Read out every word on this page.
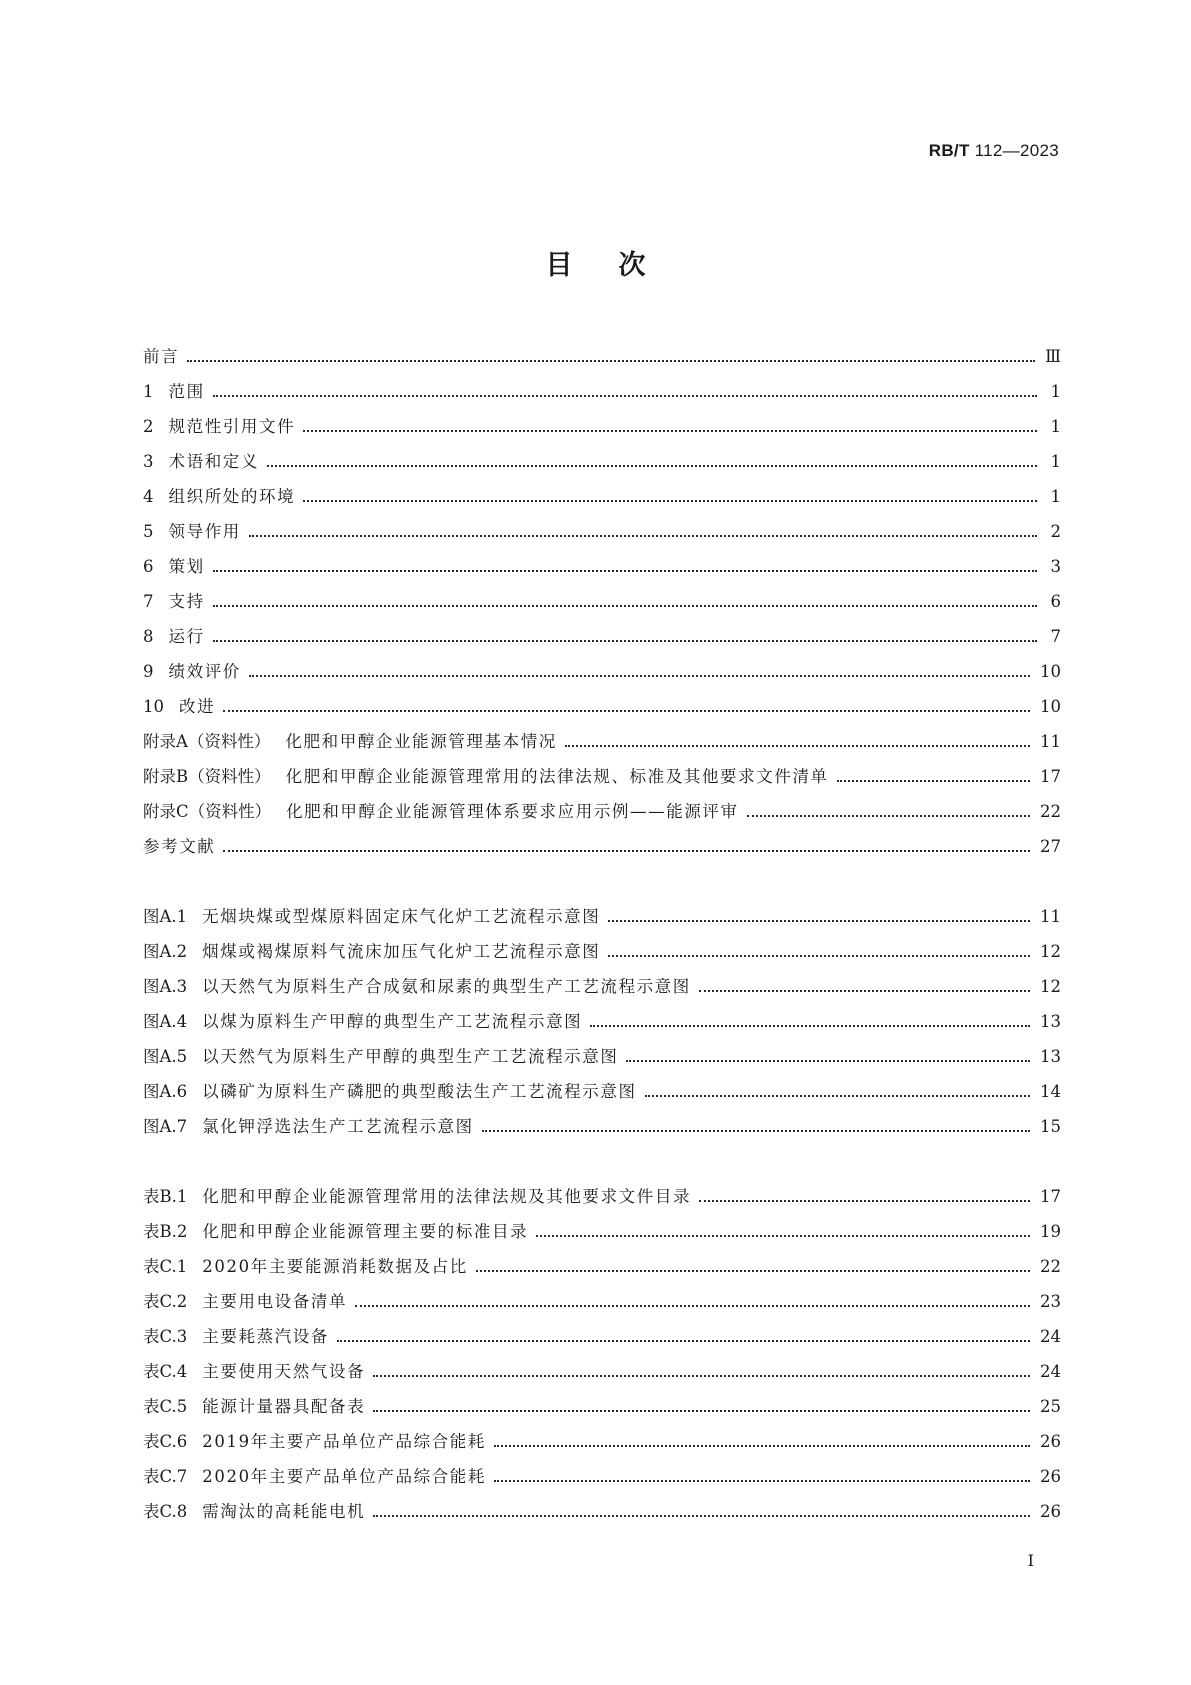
RB/T 112—2023
目次
前言	Ⅲ
1 范围	1
2 规范性引用文件	1
3 术语和定义	1
4 组织所处的环境	1
5 领导作用	2
6 策划	3
7 支持	6
8 运行	7
9 绩效评价	10
10 改进	10
附录A（资料性） 化肥和甲醇企业能源管理基本情况	11
附录B（资料性） 化肥和甲醇企业能源管理常用的法律法规、标准及其他要求文件清单	17
附录C（资料性） 化肥和甲醇企业能源管理体系要求应用示例——能源评审	22
参考文献	27
图A.1 无烟块煤或型煤原料固定床气化炉工艺流程示意图	11
图A.2 烟煤或褐煤原料气流床加压气化炉工艺流程示意图	12
图A.3 以天然气为原料生产合成氨和尿素的典型生产工艺流程示意图	12
图A.4 以煤为原料生产甲醇的典型生产工艺流程示意图	13
图A.5 以天然气为原料生产甲醇的典型生产工艺流程示意图	13
图A.6 以磷矿为原料生产磷肥的典型酸法生产工艺流程示意图	14
图A.7 氯化钾浮选法生产工艺流程示意图	15
表B.1 化肥和甲醇企业能源管理常用的法律法规及其他要求文件目录	17
表B.2 化肥和甲醇企业能源管理主要的标准目录	19
表C.1 2020年主要能源消耗数据及占比	22
表C.2 主要用电设备清单	23
表C.3 主要耗蒸汽设备	24
表C.4 主要使用天然气设备	24
表C.5 能源计量器具配备表	25
表C.6 2019年主要产品单位产品综合能耗	26
表C.7 2020年主要产品单位产品综合能耗	26
表C.8 需淘汰的高耗能电机	26
I
